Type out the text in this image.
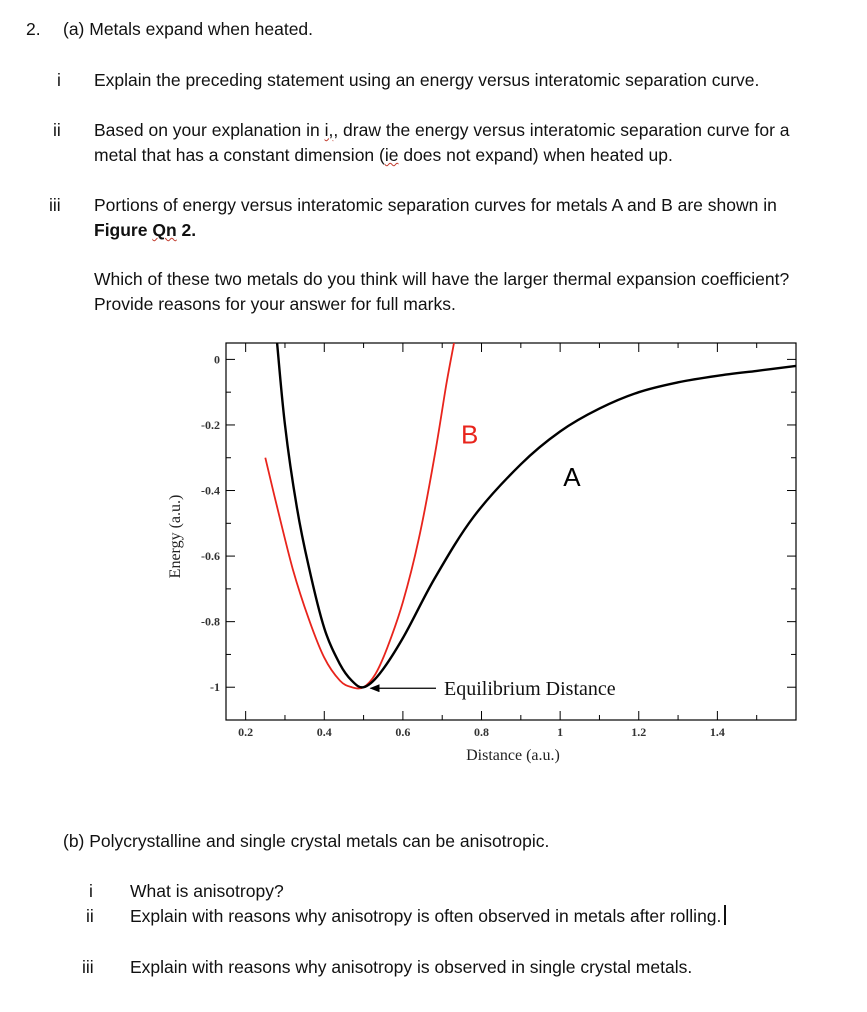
2. (a) Metals expand when heated.
i Explain the preceding statement using an energy versus interatomic separation curve.
ii Based on your explanation in i,, draw the energy versus interatomic separation curve for a
metal that has a constant dimension (ie does not expand) when heated up.
iii Portions of energy versus interatomic separation curves for metals A and B are shown in
Figure Qn 2.
Which of these two metals do you think will have the larger thermal expansion coefficient?
Provide reasons for your answer for full marks.
0.2	0.4	0.6	0.8	1	1.2	1.4
0
-0.2
-0.4
-0.6
-0.8
-1
Distance (a.u.)
Energy (a.u.)
B
A
Equilibrium Distance
(b) Polycrystalline and single crystal metals can be anisotropic.
i What is anisotropy?
ii Explain with reasons why anisotropy is often observed in metals after rolling.
iii Explain with reasons why anisotropy is observed in single crystal metals.
